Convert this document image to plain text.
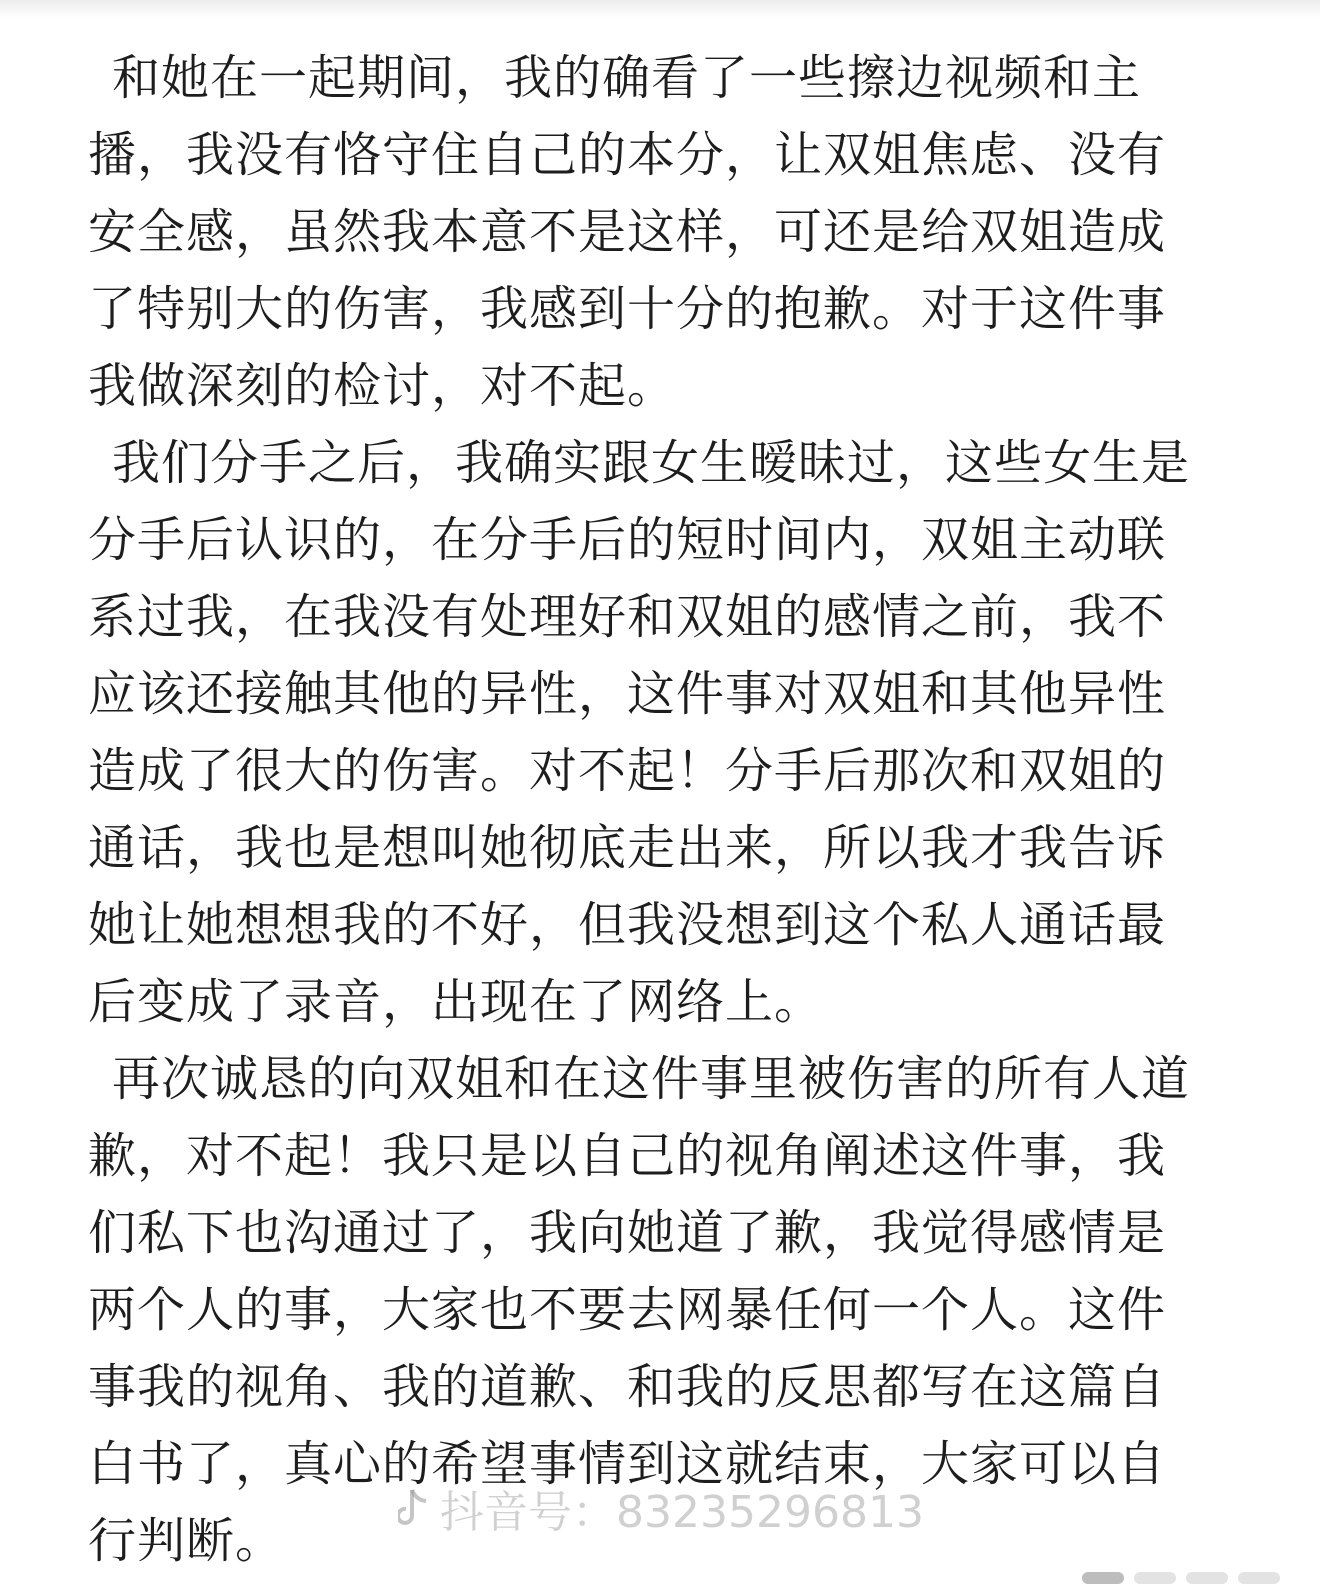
和她在一起期间，我的确看了一些擦边视频和主
播，我没有恪守住自己的本分，让双姐焦虑、没有
安全感，虽然我本意不是这样，可还是给双姐造成
了特别大的伤害，我感到十分的抱歉。对于这件事
我做深刻的检讨，对不起。
我们分手之后，我确实跟女生暧昧过，这些女生是
分手后认识的，在分手后的短时间内，双姐主动联
系过我，在我没有处理好和双姐的感情之前，我不
应该还接触其他的异性，这件事对双姐和其他异性
造成了很大的伤害。对不起！分手后那次和双姐的
通话，我也是想叫她彻底走出来，所以我才我告诉
她让她想想我的不好，但我没想到这个私人通话最
后变成了录音，出现在了网络上。
再次诚恳的向双姐和在这件事里被伤害的所有人道
歉，对不起！我只是以自己的视角阐述这件事，我
们私下也沟通过了，我向她道了歉，我觉得感情是
两个人的事，大家也不要去网暴任何一个人。这件
事我的视角、我的道歉、和我的反思都写在这篇自
白书了，真心的希望事情到这就结束，大家可以自
行判断。
抖音号：83235296813
